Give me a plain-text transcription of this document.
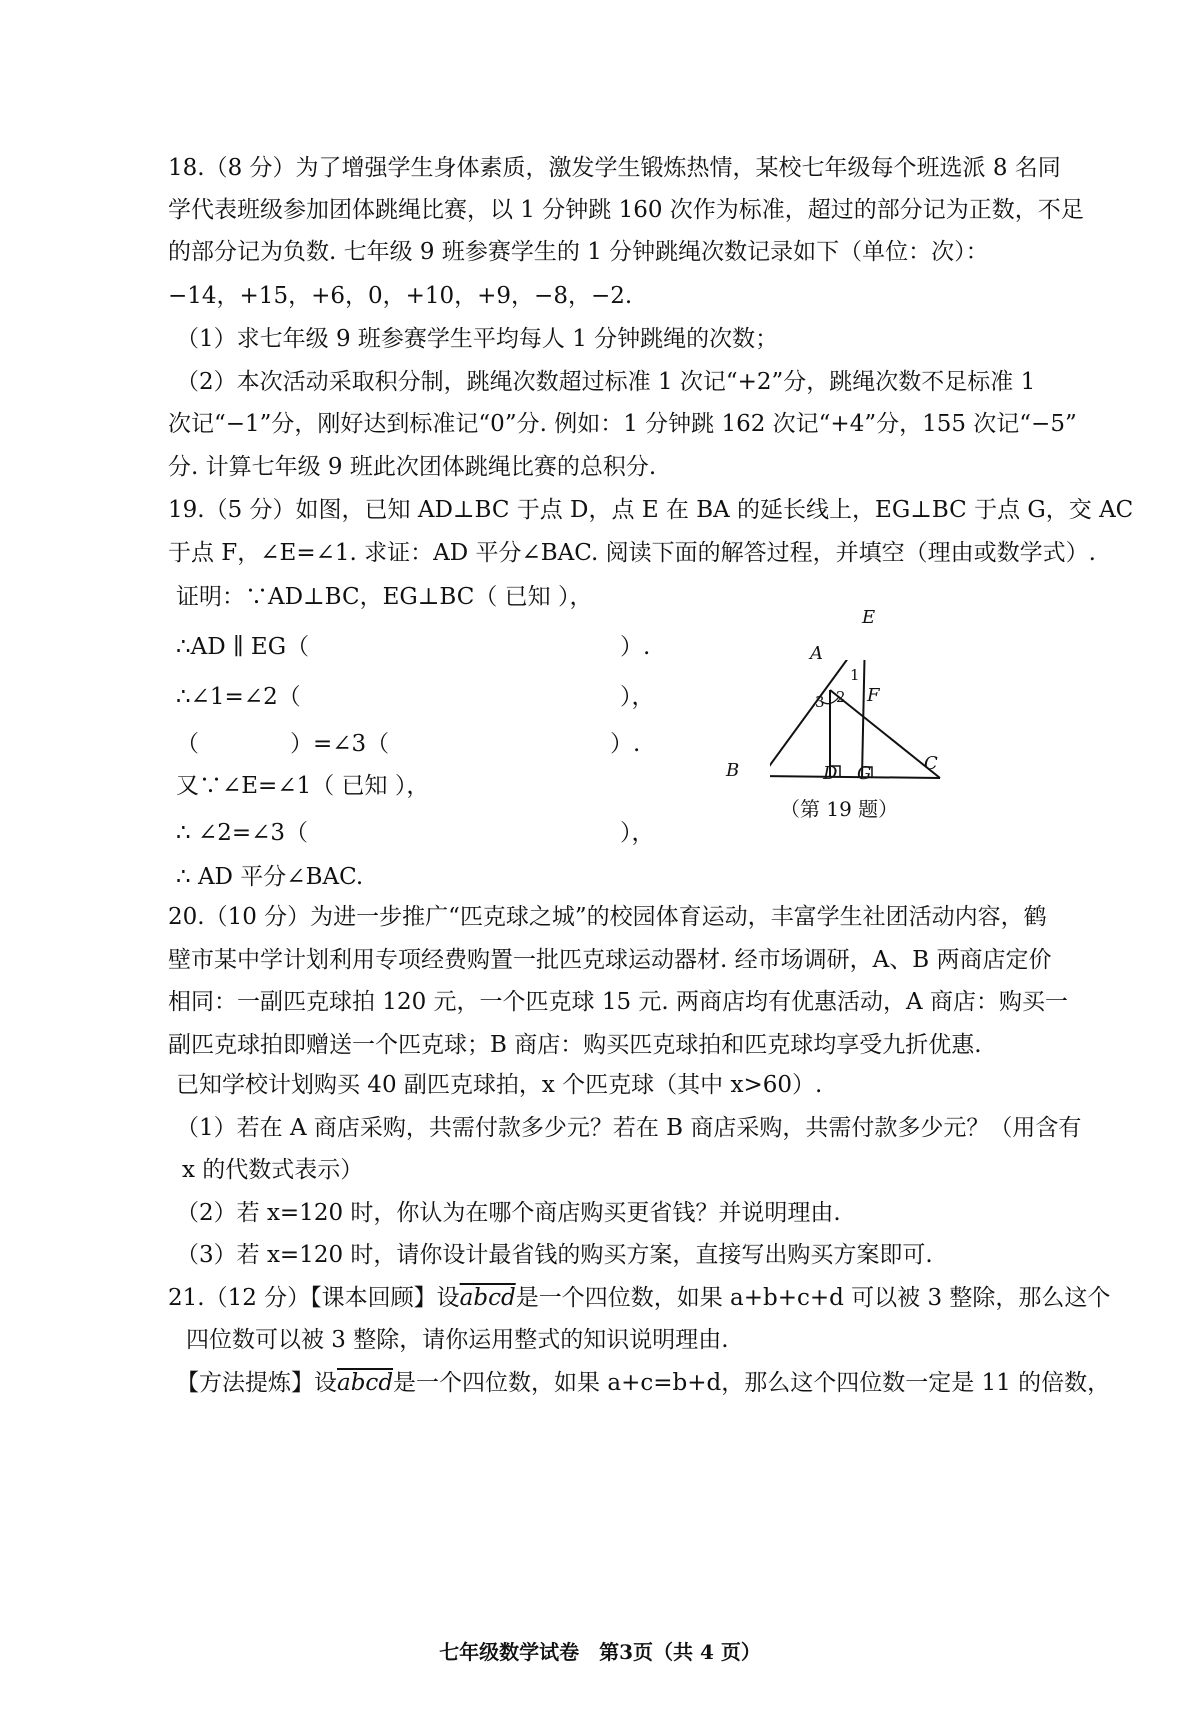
18.（8 分）为了增强学生身体素质，激发学生锻炼热情，某校七年级每个班选派 8 名同
学代表班级参加团体跳绳比赛，以 1 分钟跳 160 次作为标准，超过的部分记为正数，不足
的部分记为负数. 七年级 9 班参赛学生的 1 分钟跳绳次数记录如下（单位：次）：
−14，+15，+6，0，+10，+9，−8，−2.
（1）求七年级 9 班参赛学生平均每人 1 分钟跳绳的次数；
（2）本次活动采取积分制，跳绳次数超过标准 1 次记“+2”分，跳绳次数不足标准 1
次记“−1”分，刚好达到标准记“0”分. 例如：1 分钟跳 162 次记“+4”分，155 次记“−5”
分. 计算七年级 9 班此次团体跳绳比赛的总积分.
19.（5 分）如图，已知 AD⊥BC 于点 D，点 E 在 BA 的延长线上，EG⊥BC 于点 G，交 AC
于点 F，∠E=∠1. 求证：AD 平分∠BAC. 阅读下面的解答过程，并填空（理由或数学式）.
证明：∵AD⊥BC，EG⊥BC（ 已知 ），
∴AD ∥ EG（	）.
∴∠1=∠2（	），
（	）=∠3（	）.
又∵∠E=∠1（ 已知 ），
∴ ∠2=∠3（	），
∴ AD 平分∠BAC.
E
A
1
2
3 F
B	D G	C
（第 19 题）
20.（10 分）为进一步推广“匹克球之城”的校园体育运动，丰富学生社团活动内容，鹤
壁市某中学计划利用专项经费购置一批匹克球运动器材. 经市场调研，A、B 两商店定价
相同：一副匹克球拍 120 元，一个匹克球 15 元. 两商店均有优惠活动，A 商店：购买一
副匹克球拍即赠送一个匹克球；B 商店：购买匹克球拍和匹克球均享受九折优惠.
已知学校计划购买 40 副匹克球拍，x 个匹克球（其中 x>60）.
（1）若在 A 商店采购，共需付款多少元？若在 B 商店采购，共需付款多少元？（用含有
x 的代数式表示）
（2）若 x=120 时，你认为在哪个商店购买更省钱？并说明理由.
（3）若 x=120 时，请你设计最省钱的购买方案，直接写出购买方案即可.
21.（12 分）【课本回顾】设abcd是一个四位数，如果 a+b+c+d 可以被 3 整除，那么这个
四位数可以被 3 整除，请你运用整式的知识说明理由.
【方法提炼】设abcd是一个四位数，如果 a+c=b+d，那么这个四位数一定是 11 的倍数，
七年级数学试卷　第3页（共 4 页）
